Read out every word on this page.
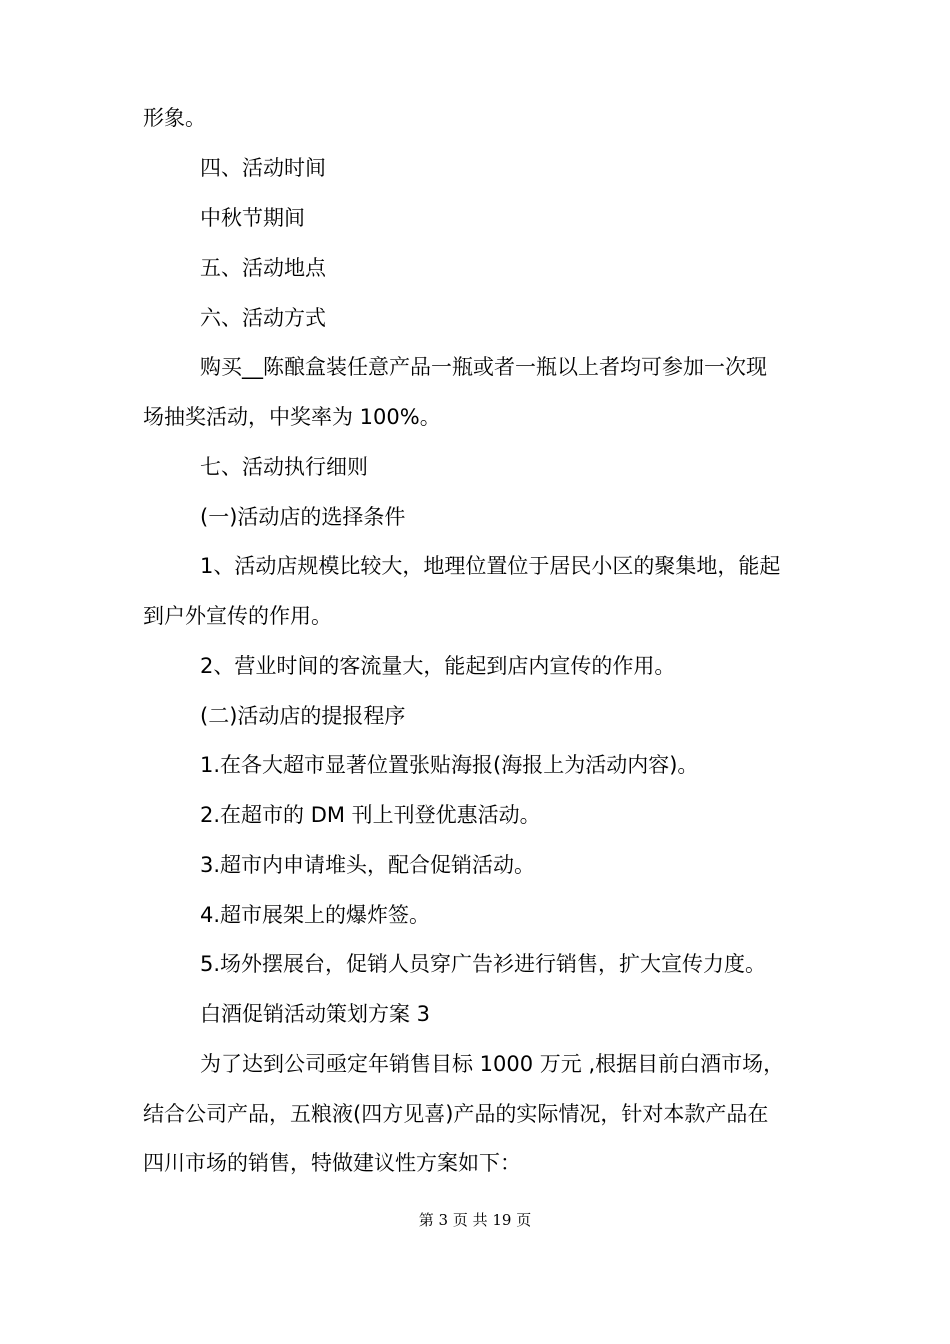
形象。
四、活动时间
中秋节期间
五、活动地点
六、活动方式
购买__陈酿盒装任意产品一瓶或者一瓶以上者均可参加一次现
场抽奖活动，中奖率为 100%。
七、活动执行细则
(一)活动店的选择条件
1、活动店规模比较大，地理位置位于居民小区的聚集地，能起
到户外宣传的作用。
2、营业时间的客流量大，能起到店内宣传的作用。
(二)活动店的提报程序
1.在各大超市显著位置张贴海报(海报上为活动内容)。
2.在超市的 DM 刊上刊登优惠活动。
3.超市内申请堆头，配合促销活动。
4.超市展架上的爆炸签。
5.场外摆展台，促销人员穿广告衫进行销售，扩大宣传力度。
白酒促销活动策划方案 3
为了达到公司亟定年销售目标 1000 万元 ,根据目前白酒市场，
结合公司产品，五粮液(四方见喜)产品的实际情况，针对本款产品在
四川市场的销售，特做建议性方案如下：
第 3 页 共 19 页
